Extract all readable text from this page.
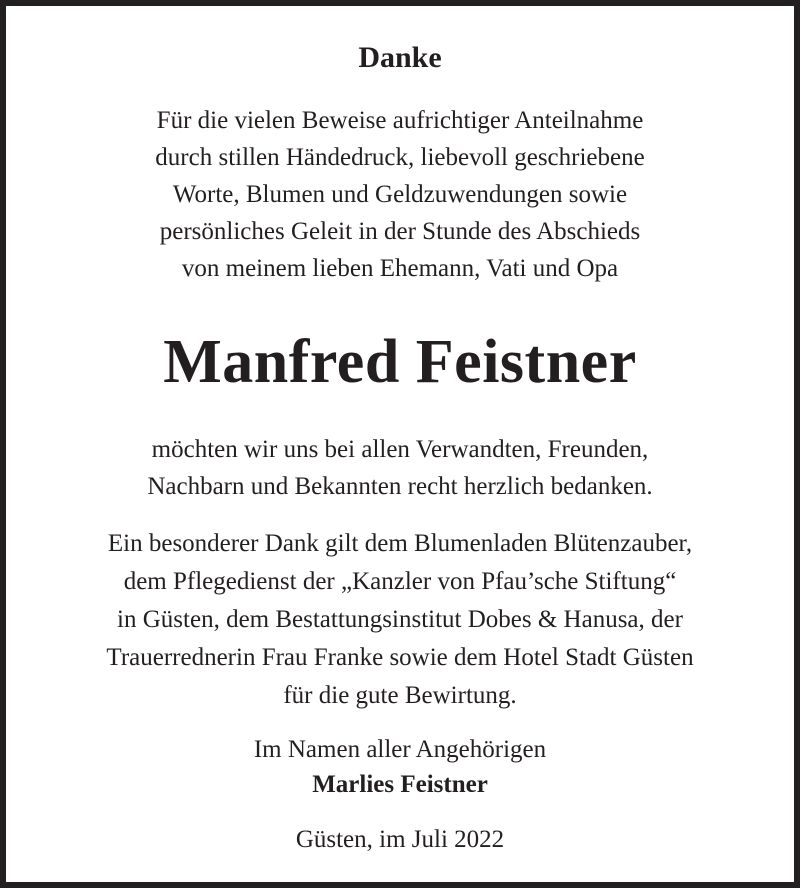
Danke

Für die vielen Beweise aufrichtiger Anteilnahme
durch stillen Händedruck, liebevoll geschriebene
Worte, Blumen und Geldzuwendungen sowie
persönliches Geleit in der Stunde des Abschieds
von meinem lieben Ehemann, Vati und Opa

Manfred Feistner

möchten wir uns bei allen Verwandten, Freunden,
Nachbarn und Bekannten recht herzlich bedanken.

Ein besonderer Dank gilt dem Blumenladen Blütenzauber,
dem Pflegedienst der „Kanzler von Pfau’sche Stiftung“
in Güsten, dem Bestattungsinstitut Dobes & Hanusa, der
Trauerrednerin Frau Franke sowie dem Hotel Stadt Güsten
für die gute Bewirtung.

Im Namen aller Angehörigen
Marlies Feistner

Güsten, im Juli 2022
